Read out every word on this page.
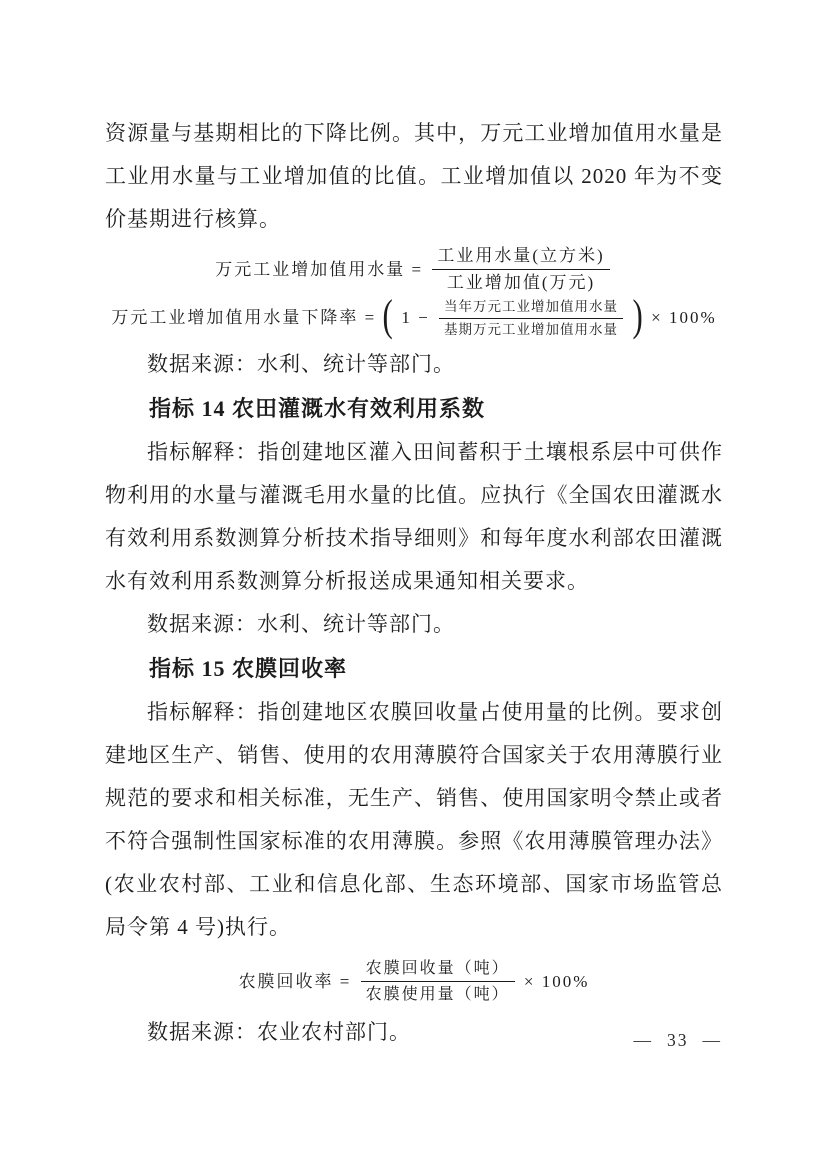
资源量与基期相比的下降比例。其中，万元工业增加值用水量是工业用水量与工业增加值的比值。工业增加值以 2020 年为不变价基期进行核算。

万元工业增加值用水量 = $\frac{\text{工业用水量(立方米)}}{\text{工业增加值(万元)}}$
万元工业增加值用水量下降率 = ( $1 - \frac{\text{当年万元工业增加值用水量}}{\text{基期万元工业增加值用水量}}$ ) × 100%

数据来源：水利、统计等部门。

指标 14 农田灌溉水有效利用系数

指标解释：指创建地区灌入田间蓄积于土壤根系层中可供作物利用的水量与灌溉毛用水量的比值。应执行《全国农田灌溉水有效利用系数测算分析技术指导细则》和每年度水利部农田灌溉水有效利用系数测算分析报送成果通知相关要求。

数据来源：水利、统计等部门。

指标 15 农膜回收率

指标解释：指创建地区农膜回收量占使用量的比例。要求创建地区生产、销售、使用的农用薄膜符合国家关于农用薄膜行业规范的要求和相关标准，无生产、销售、使用国家明令禁止或者不符合强制性国家标准的农用薄膜。参照《农用薄膜管理办法》(农业农村部、工业和信息化部、生态环境部、国家市场监管总局令第 4 号)执行。

农膜回收率 = $\frac{\text{农膜回收量（吨）}}{\text{农膜使用量（吨）}} \times 100\%$

数据来源：农业农村部门。	— 33 —
